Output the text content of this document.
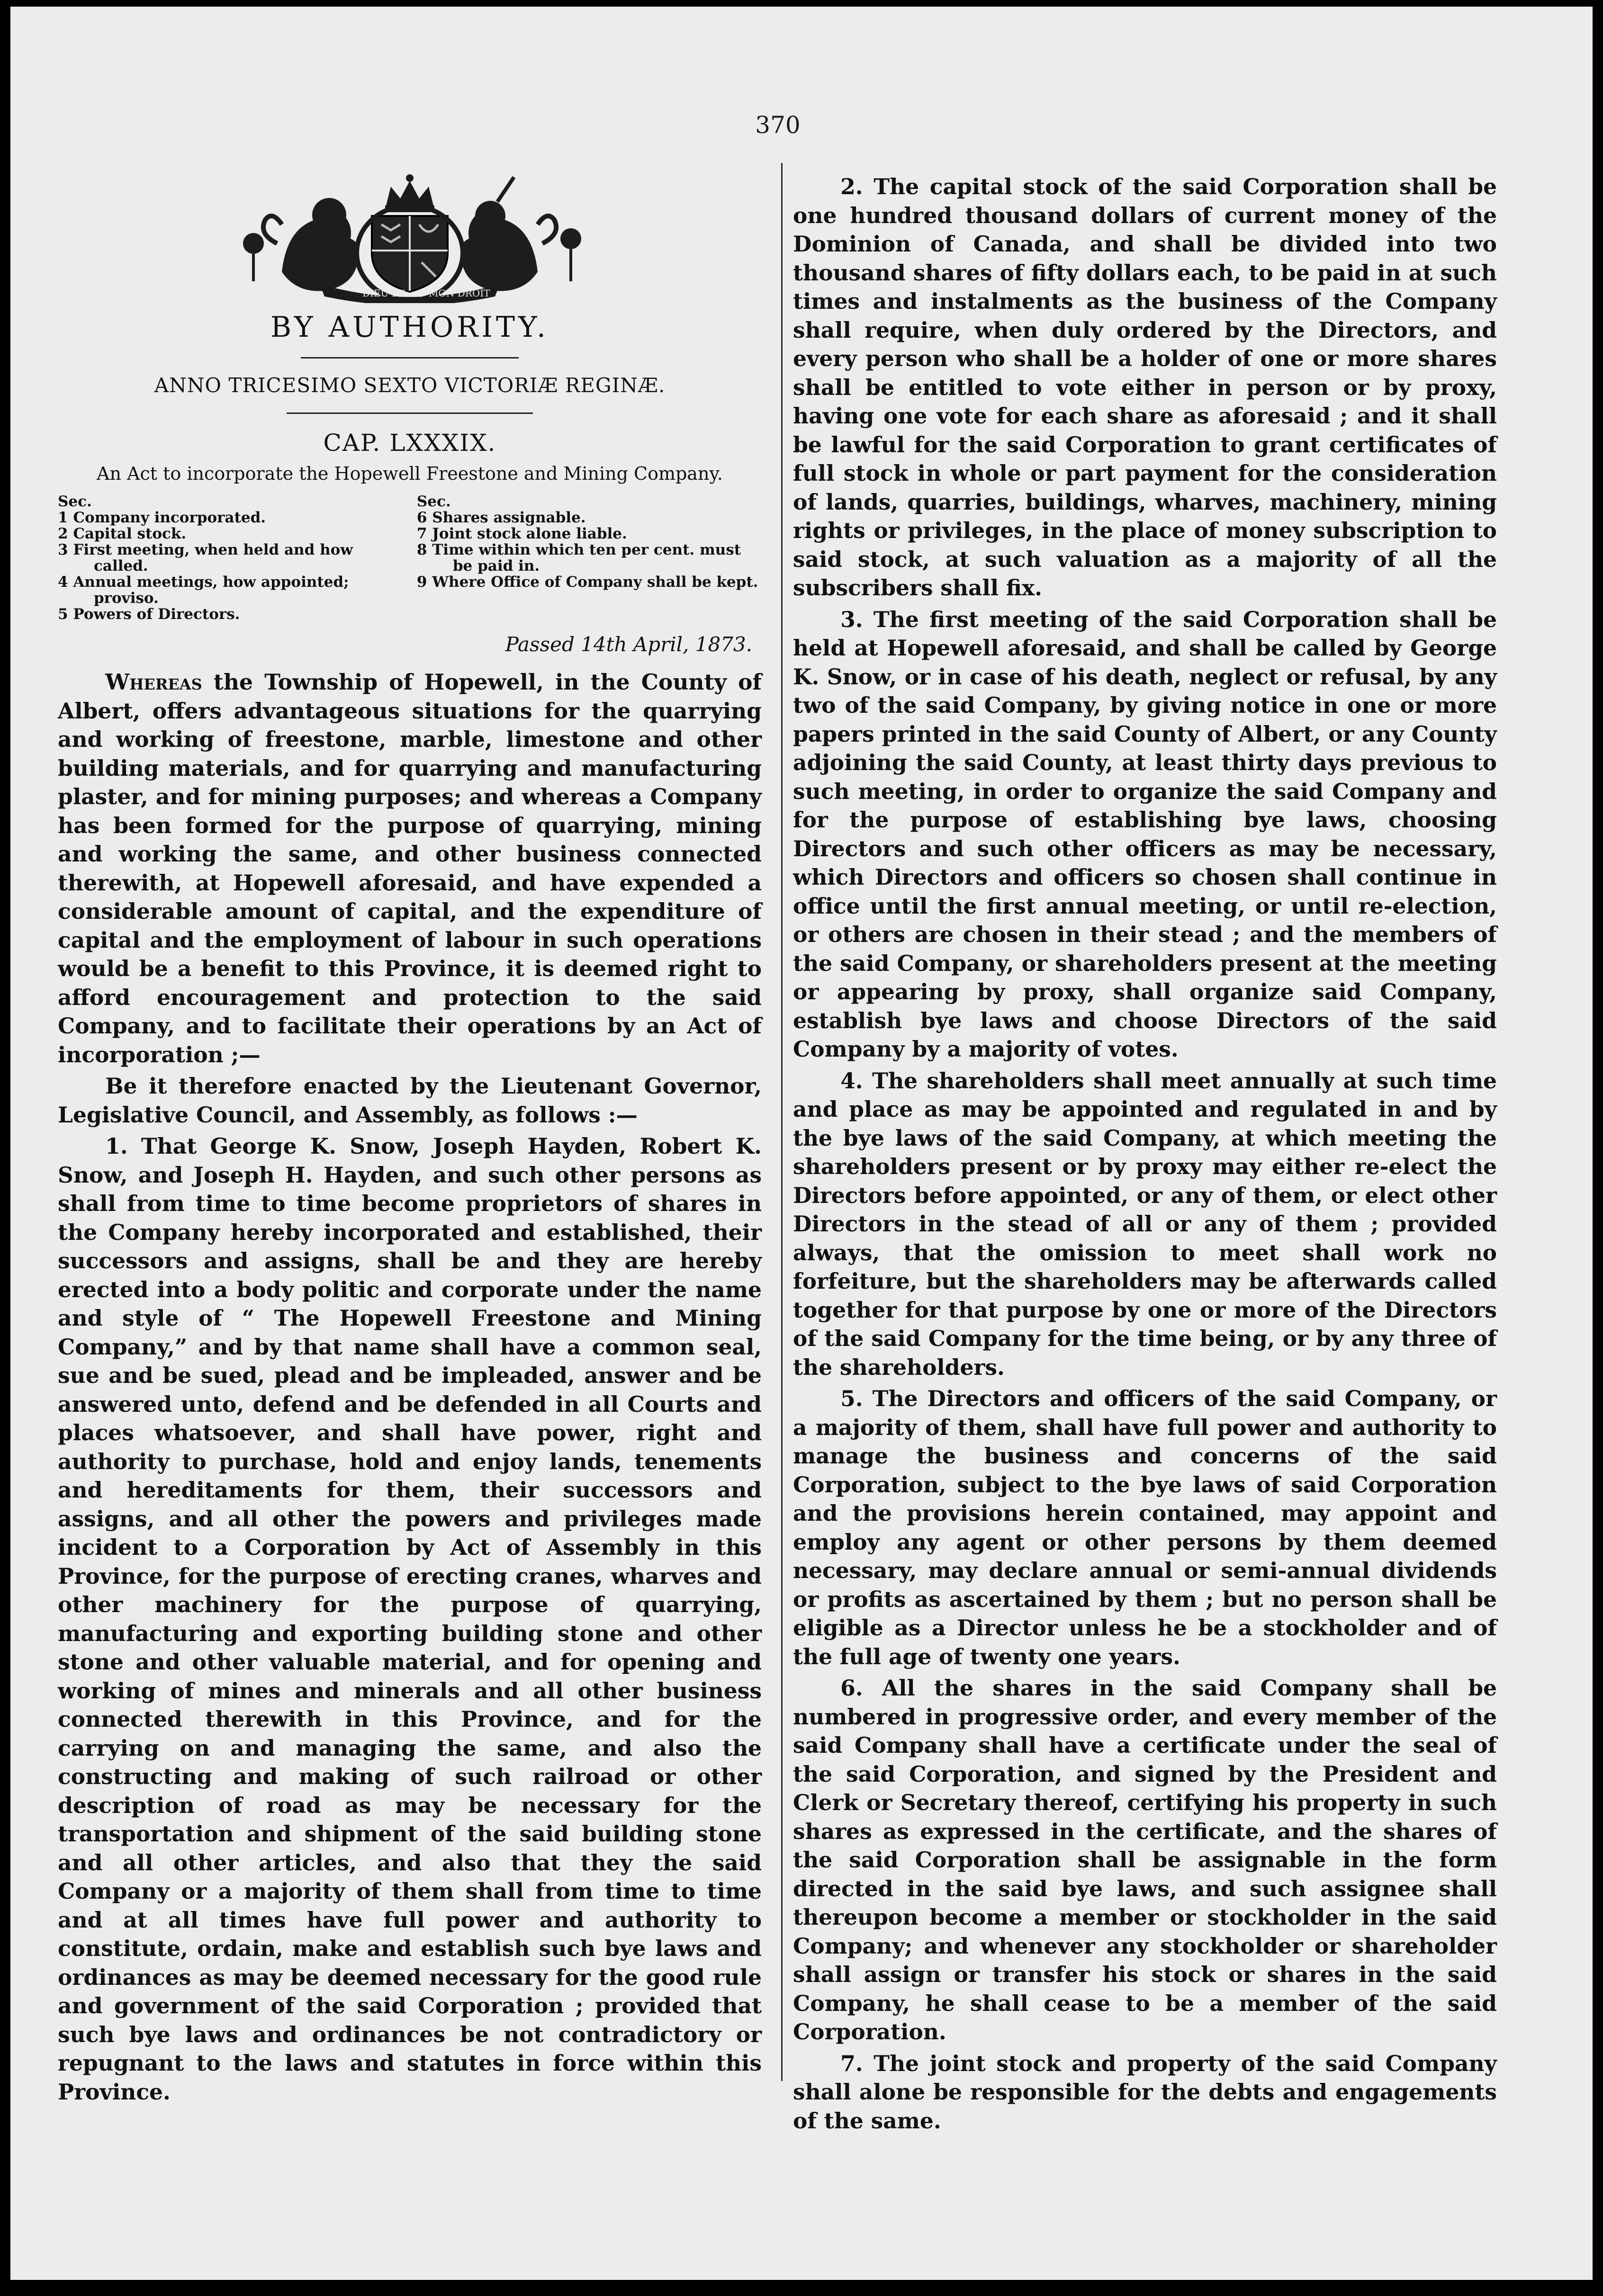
370
DIEU ET	MON DROIT
BY AUTHORITY.
ANNO TRICESIMO SEXTO VICTORIÆ REGINÆ.
CAP. LXXXIX.
An Act to incorporate the Hopewell Freestone and Mining Company.
Sec.
1 Company incorporated.
2 Capital stock.
3 First meeting, when held and how called.
4 Annual meetings, how appointed; proviso.
5 Powers of Directors.
Sec.
6 Shares assignable.
7 Joint stock alone liable.
8 Time within which ten per cent. must be paid in.
9 Where Office of Company shall be kept.
Passed 14th April, 1873.

Whereas the Township of Hopewell, in the County of Albert, offers advantageous situations for the quarrying and working of freestone, marble, limestone and other building materials, and for quarrying and manufacturing plaster, and for mining purposes; and whereas a Company has been formed for the purpose of quarrying, mining and working the same, and other business connected therewith, at Hopewell aforesaid, and have expended a considerable amount of capital, and the expenditure of capital and the employment of labour in such operations would be a benefit to this Province, it is deemed right to afford encouragement and protection to the said Company, and to facilitate their operations by an Act of incorporation ;—

Be it therefore enacted by the Lieutenant Governor, Legislative Council, and Assembly, as follows :—

1. That George K. Snow, Joseph Hayden, Robert K. Snow, and Joseph H. Hayden, and such other persons as shall from time to time become proprietors of shares in the Company hereby incorporated and established, their successors and assigns, shall be and they are hereby erected into a body politic and corporate under the name and style of “ The Hopewell Freestone and Mining Company,” and by that name shall have a common seal, sue and be sued, plead and be impleaded, answer and be answered unto, defend and be defended in all Courts and places whatsoever, and shall have power, right and authority to purchase, hold and enjoy lands, tenements and hereditaments for them, their successors and assigns, and all other the powers and privileges made incident to a Corporation by Act of Assembly in this Province, for the purpose of erecting cranes, wharves and other machinery for the purpose of quarrying, manufacturing and exporting building stone and other stone and other valuable material, and for opening and working of mines and minerals and all other business connected therewith in this Province, and for the carrying on and managing the same, and also the constructing and making of such railroad or other description of road as may be necessary for the transportation and shipment of the said building stone and all other articles, and also that they the said Company or a majority of them shall from time to time and at all times have full power and authority to constitute, ordain, make and establish such bye laws and ordinances as may be deemed necessary for the good rule and government of the said Corporation ; provided that such bye laws and ordinances be not contradictory or repugnant to the laws and statutes in force within this Province.

2. The capital stock of the said Corporation shall be one hundred thousand dollars of current money of the Dominion of Canada, and shall be divided into two thousand shares of fifty dollars each, to be paid in at such times and instalments as the business of the Company shall require, when duly ordered by the Directors, and every person who shall be a holder of one or more shares shall be entitled to vote either in person or by proxy, having one vote for each share as aforesaid ; and it shall be lawful for the said Corporation to grant certificates of full stock in whole or part payment for the consideration of lands, quarries, buildings, wharves, machinery, mining rights or privileges, in the place of money subscription to said stock, at such valuation as a majority of all the subscribers shall fix.

3. The first meeting of the said Corporation shall be held at Hopewell aforesaid, and shall be called by George K. Snow, or in case of his death, neglect or refusal, by any two of the said Company, by giving notice in one or more papers printed in the said County of Albert, or any County adjoining the said County, at least thirty days previous to such meeting, in order to organize the said Company and for the purpose of establishing bye laws, choosing Directors and such other officers as may be necessary, which Directors and officers so chosen shall continue in office until the first annual meeting, or until re-election, or others are chosen in their stead ; and the members of the said Company, or shareholders present at the meeting or appearing by proxy, shall organize said Company, establish bye laws and choose Directors of the said Company by a majority of votes.

4. The shareholders shall meet annually at such time and place as may be appointed and regulated in and by the bye laws of the said Company, at which meeting the shareholders present or by proxy may either re-elect the Directors before appointed, or any of them, or elect other Directors in the stead of all or any of them ; provided always, that the omission to meet shall work no forfeiture, but the shareholders may be afterwards called together for that purpose by one or more of the Directors of the said Company for the time being, or by any three of the shareholders.

5. The Directors and officers of the said Company, or a majority of them, shall have full power and authority to manage the business and concerns of the said Corporation, subject to the bye laws of said Corporation and the provisions herein contained, may appoint and employ any agent or other persons by them deemed necessary, may declare annual or semi-annual dividends or profits as ascertained by them ; but no person shall be eligible as a Director unless he be a stockholder and of the full age of twenty one years.

6. All the shares in the said Company shall be numbered in progressive order, and every member of the said Company shall have a certificate under the seal of the said Corporation, and signed by the President and Clerk or Secretary thereof, certifying his property in such shares as expressed in the certificate, and the shares of the said Corporation shall be assignable in the form directed in the said bye laws, and such assignee shall thereupon become a member or stockholder in the said Company; and whenever any stockholder or shareholder shall assign or transfer his stock or shares in the said Company, he shall cease to be a member of the said Corporation.

7. The joint stock and property of the said Company shall alone be responsible for the debts and engagements of the same.
